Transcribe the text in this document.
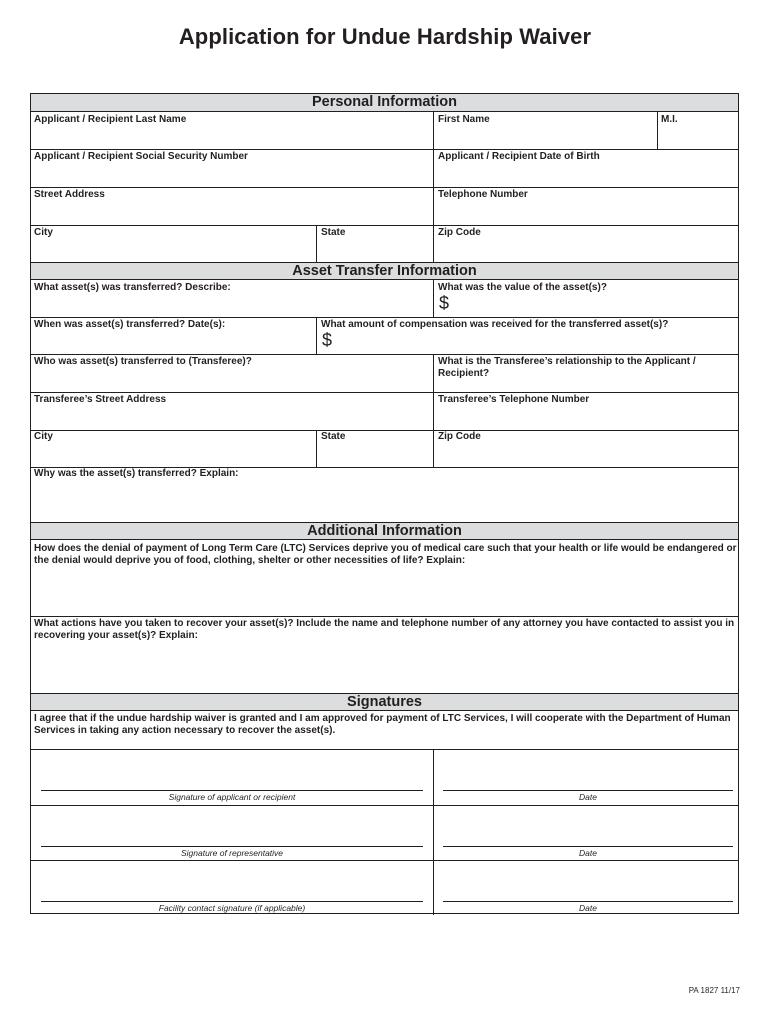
Application for Undue Hardship Waiver
Personal Information
Applicant / Recipient Last Name	First Name	M.I.
Applicant / Recipient Social Security Number	Applicant / Recipient Date of Birth
Street Address	Telephone Number
City	State	Zip Code
Asset Transfer Information
What asset(s) was transferred? Describe:	What was the value of the asset(s)?
$
When was asset(s) transferred? Date(s):	What amount of compensation was received for the transferred asset(s)?
$
Who was asset(s) transferred to (Transferee)?	What is the Transferee’s relationship to the Applicant / Recipient?
Transferee’s Street Address	Transferee’s Telephone Number
City	State	Zip Code
Why was the asset(s) transferred? Explain:
Additional Information
How does the denial of payment of Long Term Care (LTC) Services deprive you of medical care such that your health or life would be endangered or the denial would deprive you of food, clothing, shelter or other necessities of life? Explain:
What actions have you taken to recover your asset(s)? Include the name and telephone number of any attorney you have contacted to assist you in recovering your asset(s)? Explain:
Signatures
I agree that if the undue hardship waiver is granted and I am approved for payment of LTC Services, I will cooperate with the Department of Human Services in taking any action necessary to recover the asset(s).
Signature of applicant or recipient	Date
Signature of representative	Date
Facility contact signature (if applicable)	Date
PA 1827 11/17
